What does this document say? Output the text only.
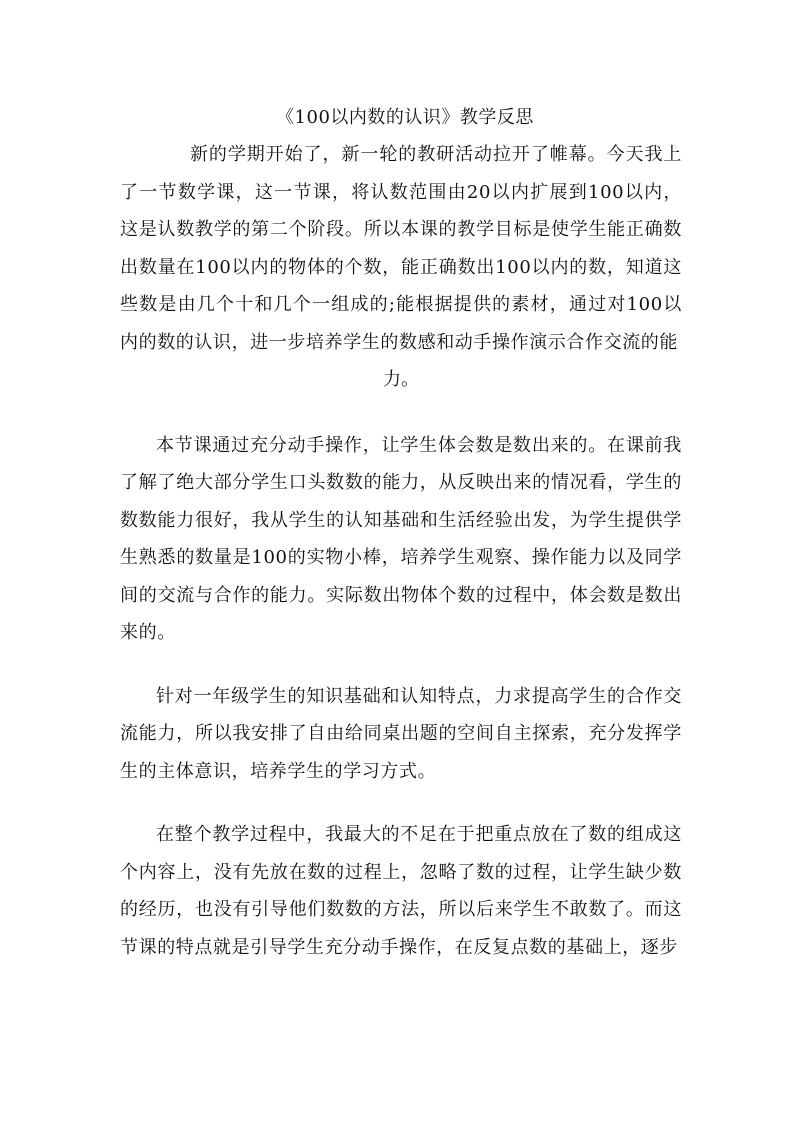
《100以内数的认识》教学反思

新的学期开始了，新一轮的教研活动拉开了帷幕。今天我上了一节数学课，这一节课，将认数范围由20以内扩展到100以内，这是认数教学的第二个阶段。所以本课的教学目标是使学生能正确数出数量在100以内的物体的个数，能正确数出100以内的数，知道这些数是由几个十和几个一组成的;能根据提供的素材，通过对100以内的数的认识，进一步培养学生的数感和动手操作演示合作交流的能

力。

本节课通过充分动手操作，让学生体会数是数出来的。在课前我了解了绝大部分学生口头数数的能力，从反映出来的情况看，学生的数数能力很好，我从学生的认知基础和生活经验出发，为学生提供学生熟悉的数量是100的实物小棒，培养学生观察、操作能力以及同学间的交流与合作的能力。实际数出物体个数的过程中，体会数是数出来的。

针对一年级学生的知识基础和认知特点，力求提高学生的合作交流能力，所以我安排了自由给同桌出题的空间自主探索，充分发挥学生的主体意识，培养学生的学习方式。

在整个教学过程中，我最大的不足在于把重点放在了数的组成这个内容上，没有先放在数的过程上，忽略了数的过程，让学生缺少数的经历，也没有引导他们数数的方法，所以后来学生不敢数了。而这节课的特点就是引导学生充分动手操作，在反复点数的基础上，逐步
